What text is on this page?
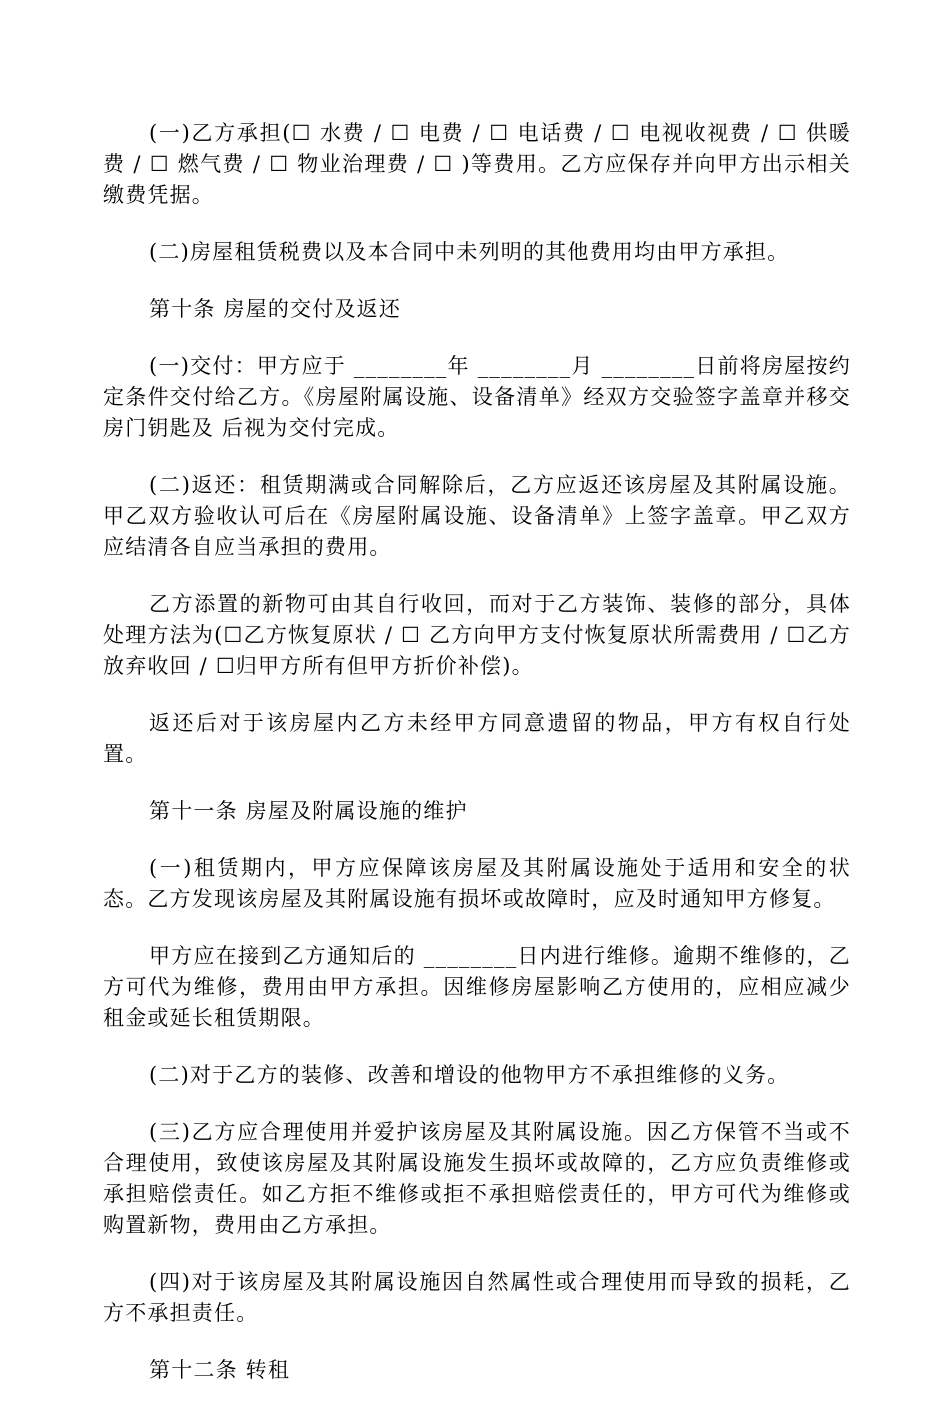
(一)乙方承担(☐ 水费 / ☐ 电费 / ☐ 电话费 / ☐ 电视收视费 / ☐ 供暖费 / ☐ 燃气费 / ☐ 物业治理费 / ☐ )等费用。乙方应保存并向甲方出示相关缴费凭据。

(二)房屋租赁税费以及本合同中未列明的其他费用均由甲方承担。

第十条 房屋的交付及返还

(一)交付：甲方应于 ________年 ________月 ________日前将房屋按约定条件交付给乙方。《房屋附属设施、设备清单》经双方交验签字盖章并移交房门钥匙及 后视为交付完成。

(二)返还：租赁期满或合同解除后，乙方应返还该房屋及其附属设施。甲乙双方验收认可后在《房屋附属设施、设备清单》上签字盖章。甲乙双方应结清各自应当承担的费用。

乙方添置的新物可由其自行收回，而对于乙方装饰、装修的部分，具体处理方法为(☐乙方恢复原状 / ☐ 乙方向甲方支付恢复原状所需费用 / ☐乙方放弃收回 / ☐归甲方所有但甲方折价补偿)。

返还后对于该房屋内乙方未经甲方同意遗留的物品，甲方有权自行处置。

第十一条 房屋及附属设施的维护

(一)租赁期内，甲方应保障该房屋及其附属设施处于适用和安全的状态。乙方发现该房屋及其附属设施有损坏或故障时，应及时通知甲方修复。

甲方应在接到乙方通知后的 ________日内进行维修。逾期不维修的，乙方可代为维修，费用由甲方承担。因维修房屋影响乙方使用的，应相应减少租金或延长租赁期限。

(二)对于乙方的装修、改善和增设的他物甲方不承担维修的义务。

(三)乙方应合理使用并爱护该房屋及其附属设施。因乙方保管不当或不合理使用，致使该房屋及其附属设施发生损坏或故障的，乙方应负责维修或承担赔偿责任。如乙方拒不维修或拒不承担赔偿责任的，甲方可代为维修或购置新物，费用由乙方承担。

(四)对于该房屋及其附属设施因自然属性或合理使用而导致的损耗，乙方不承担责任。

第十二条 转租
